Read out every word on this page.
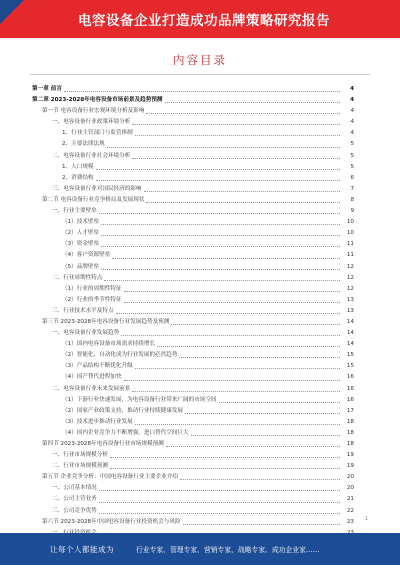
电容设备企业打造成功品牌策略研究报告
内容目录
第一章 前言	4
第二章 2023-2028年电容设备市场前景及趋势预测	4
第一节 电容设备行业宏观环境分析及影响	4
一、电容设备行业政策环境分析	4
1、行业主管部门与监管体制	4
2、主要法律法规	5
二、电容设备行业社会环境分析	5
1、人口规模	5
2、消费结构	6
三、电容设备行业对国民经济的影响	7
第二节 电容设备行业竞争格局及发展现状	8
一、行业主要壁垒	9
（1）技术壁垒	10
（2）人才壁垒	10
（3）资金壁垒	11
（4）客户资源壁垒	11
（5）品牌壁垒	12
二、行业周期性特点	12
（1）行业的周期性特征	12
（2）行业的季节性特征	13
三、行业技术水平及特点	13
第三节 2023-2028年电容设备行业发展趋势及预测	14
一、电容设备行业发展趋势	14
（1）国内电容设备市场需求持续增长	14
（2）智能化、自动化成为行业发展的必然趋势	15
（3）产品结构不断优化升级	15
（4）国产替代进程加快	16
二、电容设备行业未来发展前景	16
（1）下游行业快速发展，为电容设备行业带来广阔的市场空间	16
（2）国家产业政策支持，推动行业持续健康发展	17
（3）技术进步推动行业发展	18
（4）国内企业竞争力不断增强，进口替代空间巨大	18
第四节 2023-2028年电容设备行业市场规模预测	18
一、行业市场规模分析	19
二、行业市场规模预测	19
第五节 企业竞争分析：中国电容设备行业主要企业介绍	20
一、公司基本情况	20
二、公司主营业务	21
三、公司竞争优势	22
第六节 2023-2028年中国电容设备行业投资机会与风险	23 1
让每个人都能成为	行业专家、管理专家、营销专家、战略专家、成功企业家……
